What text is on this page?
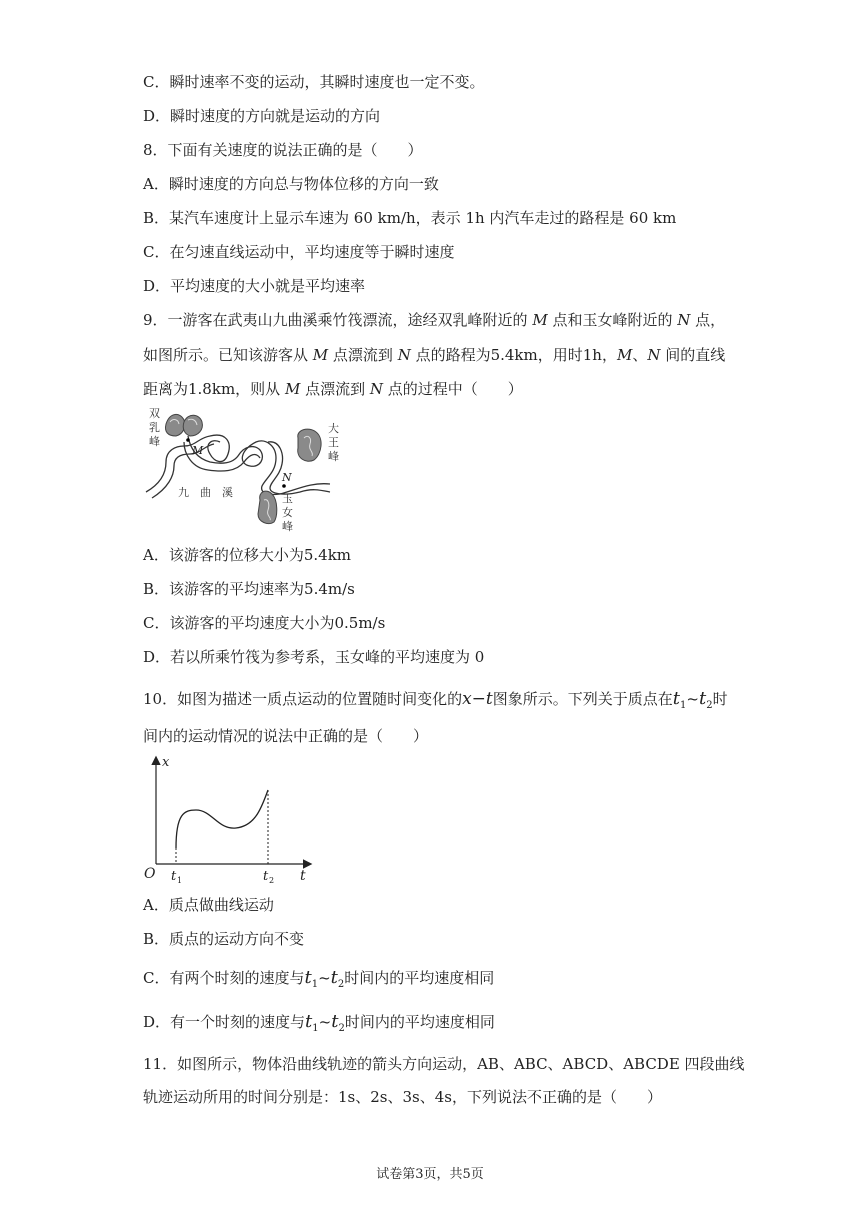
C．瞬时速率不变的运动，其瞬时速度也一定不变。
D．瞬时速度的方向就是运动的方向
8．下面有关速度的说法正确的是（　　）
A．瞬时速度的方向总与物体位移的方向一致
B．某汽车速度计上显示车速为 60 km/h，表示 1h 内汽车走过的路程是 60 km
C．在匀速直线运动中，平均速度等于瞬时速度
D．平均速度的大小就是平均速率
9．一游客在武夷山九曲溪乘竹筏漂流，途经双乳峰附近的 M 点和玉女峰附近的 N 点，
如图所示。已知该游客从 M 点漂流到 N 点的路程为5.4km，用时1h，M、N 间的直线
距离为1.8km，则从 M 点漂流到 N 点的过程中（　　）
双
乳
峰
M
N
大
王
峰
玉
女
峰
九　曲　溪
A．该游客的位移大小为5.4km
B．该游客的平均速率为5.4m/s
C．该游客的平均速度大小为0.5m/s
D．若以所乘竹筏为参考系，玉女峰的平均速度为 0
10．如图为描述一质点运动的位置随时间变化的x−t图象所示。下列关于质点在$t_1\sim t_2$时
间内的运动情况的说法中正确的是（　　）
x
t
O t 1	t 2
A．质点做曲线运动
B．质点的运动方向不变
C．有两个时刻的速度与$t_1\sim t_2$时间内的平均速度相同
D．有一个时刻的速度与$t_1\sim t_2$时间内的平均速度相同
11．如图所示，物体沿曲线轨迹的箭头方向运动，AB、ABC、ABCD、ABCDE 四段曲线
轨迹运动所用的时间分别是：1s、2s、3s、4s，下列说法不正确的是（　　）
试卷第3页，共5页
